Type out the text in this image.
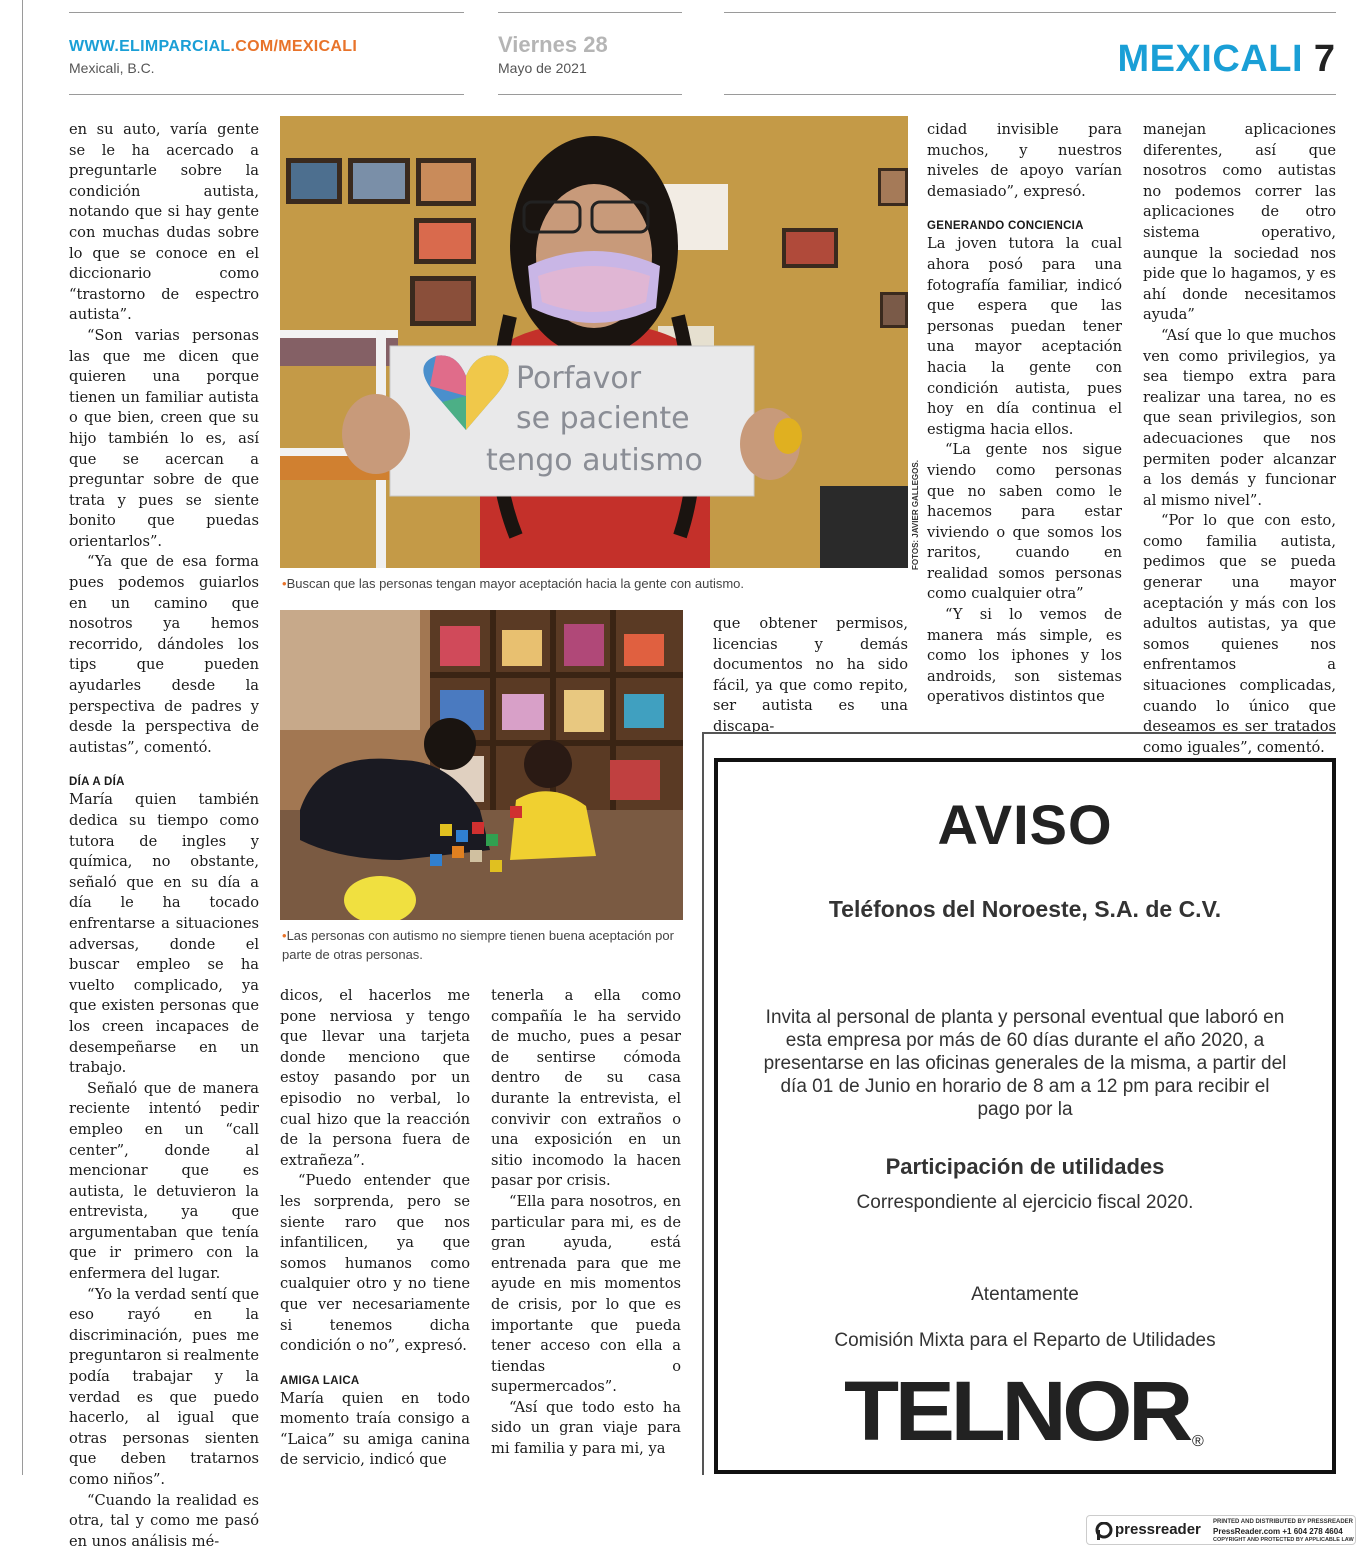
WWW.ELIMPARCIAL.COM/MEXICALI
Mexicali, B.C.
Viernes 28
Mayo de 2021	MEXICALI 7
Porfavor
se paciente
tengo autismo	FOTOS: JAVIER GALLEGOS.
•Buscan que las personas tengan mayor aceptación hacia la gente con autismo.
•Las personas con autismo no siempre tienen buena aceptación por parte de otras personas.

en su auto, varía gente se le ha acercado a preguntarle sobre la condición autista, notando que si hay gente con muchas dudas sobre lo que se conoce en el diccionario como “trastorno de espectro autista”.

“Son varias personas las que me dicen que quieren una porque tienen un familiar autista o que bien, creen que su hijo también lo es, así que se acercan a preguntar sobre de que trata y pues se siente bonito que puedas orientarlos”.

“Ya que de esa forma pues podemos guiarlos en un camino que nosotros ya hemos recorrido, dándoles los tips que pueden ayudarles desde la perspectiva de padres y desde la perspectiva de autistas”, comentó.

DÍA A DÍA

María quien también dedica su tiempo como tutora de ingles y química, no obstante, señaló que en su día a día le ha tocado enfrentarse a situaciones adversas, donde el buscar empleo se ha vuelto complicado, ya que existen personas que los creen incapaces de desempeñarse en un trabajo.

Señaló que de manera reciente intentó pedir empleo en un “call center”, donde al mencionar que es autista, le detuvieron la entrevista, ya que argumentaban que tenía que ir primero con la enfermera del lugar.

“Yo la verdad sentí que eso rayó en la discriminación, pues me preguntaron si realmente podía trabajar y la verdad es que puedo hacerlo, al igual que otras personas sienten que deben tratarnos como niños”.

“Cuando la realidad es otra, tal y como me pasó en unos análisis mé-

dicos, el hacerlos me pone nerviosa y tengo que llevar una tarjeta donde menciono que estoy pasando por un episodio no verbal, lo cual hizo que la reacción de la persona fuera de extrañeza”.

“Puedo entender que les sorprenda, pero se siente raro que nos infantilicen, ya que somos humanos como cualquier otro y no tiene que ver necesariamente si tenemos dicha condición o no”, expresó.

AMIGA LAICA

María quien en todo momento traía consigo a “Laica” su amiga canina de servicio, indicó que

tenerla a ella como compañía le ha servido de mucho, pues a pesar de sentirse cómoda dentro de su casa durante la entrevista, el convivir con extraños o una exposición en un sitio incomodo la hacen pasar por crisis.

“Ella para nosotros, en particular para mi, es de gran ayuda, está entrenada para que me ayude en mis momentos de crisis, por lo que es importante que pueda tener acceso con ella a tiendas o supermercados”.

“Así que todo esto ha sido un gran viaje para mi familia y para mi, ya

que obtener permisos, licencias y demás documentos no ha sido fácil, ya que como repito, ser autista es una discapa-

cidad invisible para muchos, y nuestros niveles de apoyo varían demasiado”, expresó.

GENERANDO CONCIENCIA

La joven tutora la cual ahora posó para una fotografía familiar, indicó que espera que las personas puedan tener una mayor aceptación hacia la gente con condición autista, pues hoy en día continua el estigma hacia ellos.

“La gente nos sigue viendo como personas que no saben como le hacemos para estar viviendo o que somos los raritos, cuando en realidad somos personas como cualquier otra”

“Y si lo vemos de manera más simple, es como los iphones y los androids, son sistemas operativos distintos que

manejan aplicaciones diferentes, así que nosotros como autistas no podemos correr las aplicaciones de otro sistema operativo, aunque la sociedad nos pide que lo hagamos, y es ahí donde necesitamos ayuda”

“Así que lo que muchos ven como privilegios, ya sea tiempo extra para realizar una tarea, no es que sean privilegios, son adecuaciones que nos permiten poder alcanzar a los demás y funcionar al mismo nivel”.

“Por lo que con esto, como familia autista, pedimos que se pueda generar una mayor aceptación y más con los adultos autistas, ya que somos quienes nos enfrentamos a situaciones complicadas, cuando lo único que deseamos es ser tratados como iguales”, comentó.

AVISO
Teléfonos del Noroeste, S.A. de C.V.
Invita al personal de planta y personal eventual que laboró en esta empresa por más de 60 días durante el año 2020, a presentarse en las oficinas generales de la misma, a partir del día 01 de Junio en horario de 8 am a 12 pm para recibir el pago por la
Participación de utilidades
Correspondiente al ejercicio fiscal 2020.
Atentamente
Comisión Mixta para el Reparto de Utilidades
TELNOR ®
pressreader PRINTED AND DISTRIBUTED BY PRESSREADER
PressReader.com +1 604 278 4604
COPYRIGHT AND PROTECTED BY APPLICABLE LAW
